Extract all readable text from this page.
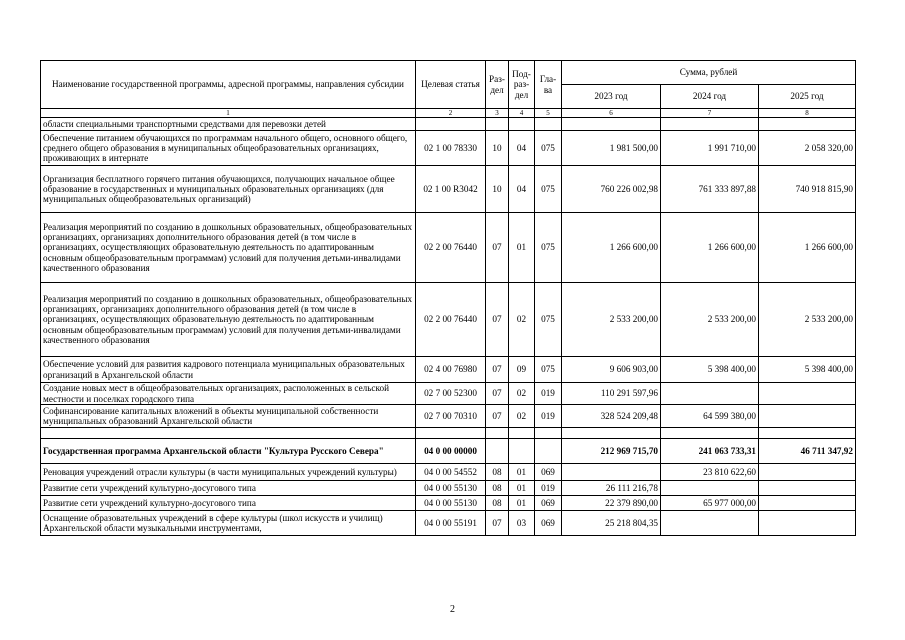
Наименование государственной программы, адресной программы, направления субсидии	Целевая статья	Раз-дел	Под-раз-дел	Гла-ва	Сумма, рублей		
					2023 год	2024 год	2025 год
1	2	3	4	5	6	7	8
области специальными транспортными средствами для перевозки детей							
Обеспечение питанием обучающихся по программам начального общего, основного общего, среднего общего образования в муниципальных общеобразовательных организациях, проживающих в интернате	02 1 00 78330	10	04	075	1 981 500,00	1 991 710,00	2 058 320,00
Организация бесплатного горячего питания обучающихся, получающих начальное общее образование в государственных и муниципальных образовательных организациях (для муниципальных общеобразовательных организаций)	02 1 00 R3042	10	04	075	760 226 002,98	761 333 897,88	740 918 815,90
Реализация мероприятий по созданию в дошкольных образовательных, общеобразовательных организациях, организациях дополнительного образования детей (в том числе в организациях, осуществляющих образовательную деятельность по адаптированным основным общеобразовательным программам) условий для получения детьми-инвалидами качественного образования	02 2 00 76440	07	01	075	1 266 600,00	1 266 600,00	1 266 600,00
Реализация мероприятий по созданию в дошкольных образовательных, общеобразовательных организациях, организациях дополнительного образования детей (в том числе в организациях, осуществляющих образовательную деятельность по адаптированным основным общеобразовательным программам) условий для получения детьми-инвалидами качественного образования	02 2 00 76440	07	02	075	2 533 200,00	2 533 200,00	2 533 200,00
Обеспечение условий для развития кадрового потенциала муниципальных образовательных организаций в Архангельской области	02 4 00 76980	07	09	075	9 606 903,00	5 398 400,00	5 398 400,00
Создание новых мест в общеобразовательных организациях, расположенных в сельской местности и поселках городского типа	02 7 00 52300	07	02	019	110 291 597,96		
Софинансирование капитальных вложений в объекты муниципальной собственности муниципальных образований Архангельской области	02 7 00 70310	07	02	019	328 524 209,48	64 599 380,00	

Государственная программа Архангельской области "Культура Русского Севера"	04 0 00 00000				212 969 715,70	241 063 733,31	46 711 347,92
Реновация учреждений отрасли культуры (в части муниципальных учреждений культуры)	04 0 00 54552	08	01	069		23 810 622,60	
Развитие сети учреждений культурно-досугового типа	04 0 00 55130	08	01	019	26 111 216,78		
Развитие сети учреждений культурно-досугового типа	04 0 00 55130	08	01	069	22 379 890,00	65 977 000,00	
Оснащение образовательных учреждений в сфере культуры (школ искусств и училищ) Архангельской области музыкальными инструментами,	04 0 00 55191	07	03	069	25 218 804,35		
2
